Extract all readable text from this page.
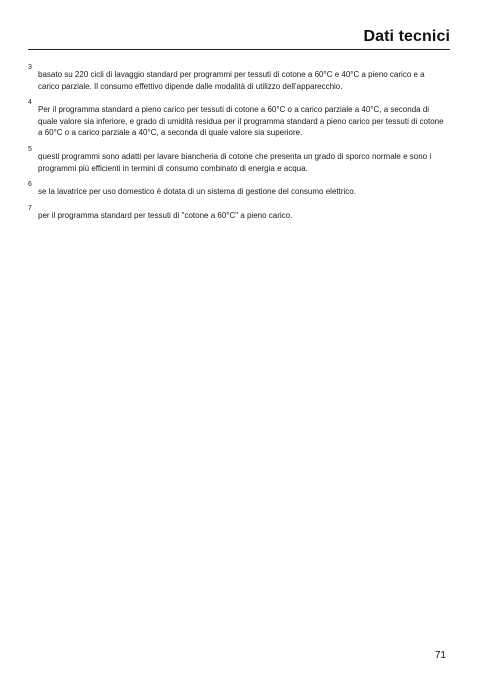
Dati tecnici
3

basato su 220 cicli di lavaggio standard per programmi per tessuti di cotone a 60°C e 40°C a pieno carico e a carico parziale. Il consumo effettivo dipende dalle modalità di utilizzo dell’apparecchio.

4

Per il programma standard a pieno carico per tessuti di cotone a 60°C o a carico parziale a 40°C, a seconda di quale valore sia inferiore, e grado di umidità residua per il programma standard a pieno carico per tessuti di cotone a 60°C o a carico parziale a 40°C, a seconda di quale valore sia superiore.

5

questi programmi sono adatti per lavare biancheria di cotone che presenta un grado di sporco normale e sono i programmi più efficienti in termini di consumo combinato di energia e acqua.

6

se la lavatrice per uso domestico è dotata di un sistema di gestione del consumo elettrico.

7

per il programma standard per tessuti di "cotone a 60°C" a pieno carico.

71
